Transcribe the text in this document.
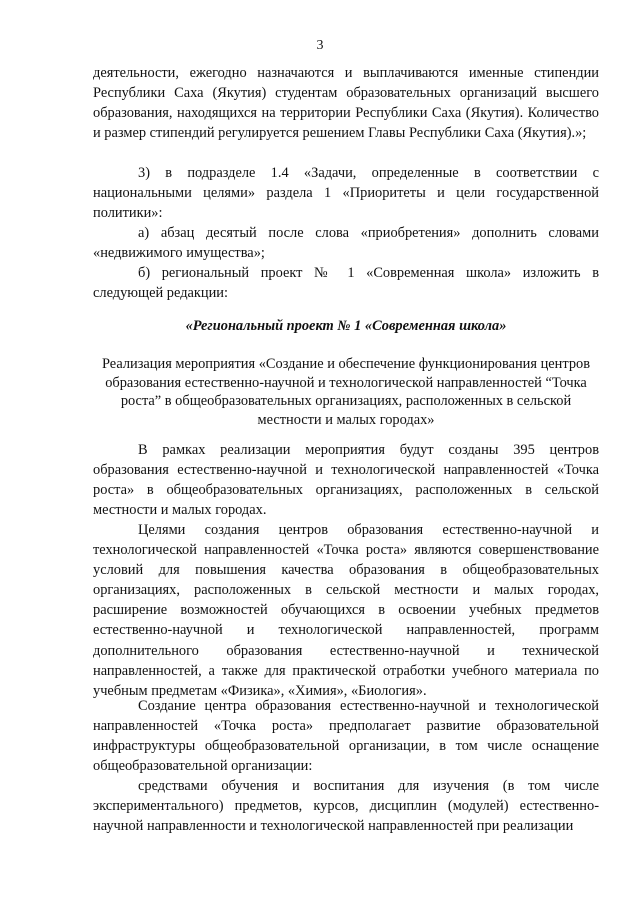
3
деятельности, ежегодно назначаются и выплачиваются именные стипендии Республики Саха (Якутия) студентам образовательных организаций высшего образования, находящихся на территории Республики Саха (Якутия). Количество и размер стипендий регулируется решением Главы Республики Саха (Якутия).»;
3) в подразделе 1.4 «Задачи, определенные в соответствии с национальными целями» раздела 1 «Приоритеты и цели государственной политики»:
а) абзац десятый после слова «приобретения» дополнить словами «недвижимого имущества»;
б) региональный проект № 1 «Современная школа» изложить в следующей редакции:
«Региональный проект № 1 «Современная школа»
Реализация мероприятия «Создание и обеспечение функционирования центров образования естественно-научной и технологической направленностей “Точка роста” в общеобразовательных организациях, расположенных в сельской местности и малых городах»
В рамках реализации мероприятия будут созданы 395 центров образования естественно-научной и технологической направленностей «Точка роста» в общеобразовательных организациях, расположенных в сельской местности и малых городах.
Целями создания центров образования естественно-научной и технологической направленностей «Точка роста» являются совершенствование условий для повышения качества образования в общеобразовательных организациях, расположенных в сельской местности и малых городах, расширение возможностей обучающихся в освоении учебных предметов естественно-научной и технологической направленностей, программ дополнительного образования естественно-научной и технической направленностей, а также для практической отработки учебного материала по учебным предметам «Физика», «Химия», «Биология».
Создание центра образования естественно-научной и технологической направленностей «Точка роста» предполагает развитие образовательной инфраструктуры общеобразовательной организации, в том числе оснащение общеобразовательной организации:
средствами обучения и воспитания для изучения (в том числе экспериментального) предметов, курсов, дисциплин (модулей) естественно-научной направленности и технологической направленностей при реализации
